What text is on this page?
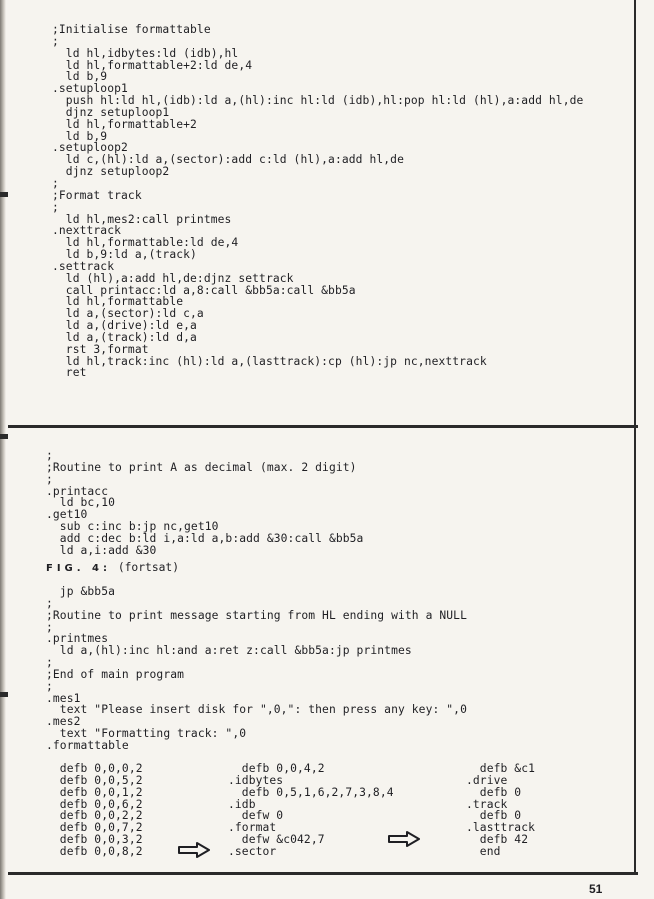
;Initialise formattable
;
ld hl,idbytes:ld (idb),hl
ld hl,formattable+2:ld de,4
ld b,9
.setuploop1
push hl:ld hl,(idb):ld a,(hl):inc hl:ld (idb),hl:pop hl:ld (hl),a:add hl,de
djnz setuploop1
ld hl,formattable+2
ld b,9
.setuploop2
ld c,(hl):ld a,(sector):add c:ld (hl),a:add hl,de
djnz setuploop2
;
;Format track
;
ld hl,mes2:call printmes
.nexttrack
ld hl,formattable:ld de,4
ld b,9:ld a,(track)
.settrack
ld (hl),a:add hl,de:djnz settrack
call printacc:ld a,8:call &bb5a:call &bb5a
ld hl,formattable
ld a,(sector):ld c,a
ld a,(drive):ld e,a
ld a,(track):ld d,a
rst 3,format
ld hl,track:inc (hl):ld a,(lasttrack):cp (hl):jp nc,nexttrack
ret

;
;Routine to print A as decimal (max. 2 digit)
;
.printacc
ld bc,10
.get10
sub c:inc b:jp nc,get10
add c:dec b:ld i,a:ld a,b:add &30:call &bb5a
ld a,i:add &30

FIG. 4: (fortsat)
jp &bb5a
;
;Routine to print message starting from HL ending with a NULL
;
.printmes
ld a,(hl):inc hl:and a:ret z:call &bb5a:jp printmes
;
;End of main program
;
.mes1
text "Please insert disk for ",0,": then press any key: ",0
.mes2
text "Formatting track: ",0
.formattable

defb 0,0,0,2
defb 0,0,5,2
defb 0,0,1,2
defb 0,0,6,2
defb 0,0,2,2
defb 0,0,7,2
defb 0,0,3,2
defb 0,0,8,2

defb 0,0,4,2
.idbytes
defb 0,5,1,6,2,7,3,8,4
.idb
defw 0
.format
defw &c042,7
.sector

defb &c1
.drive
defb 0
.track
defb 0
.lasttrack
defb 42
end

51
